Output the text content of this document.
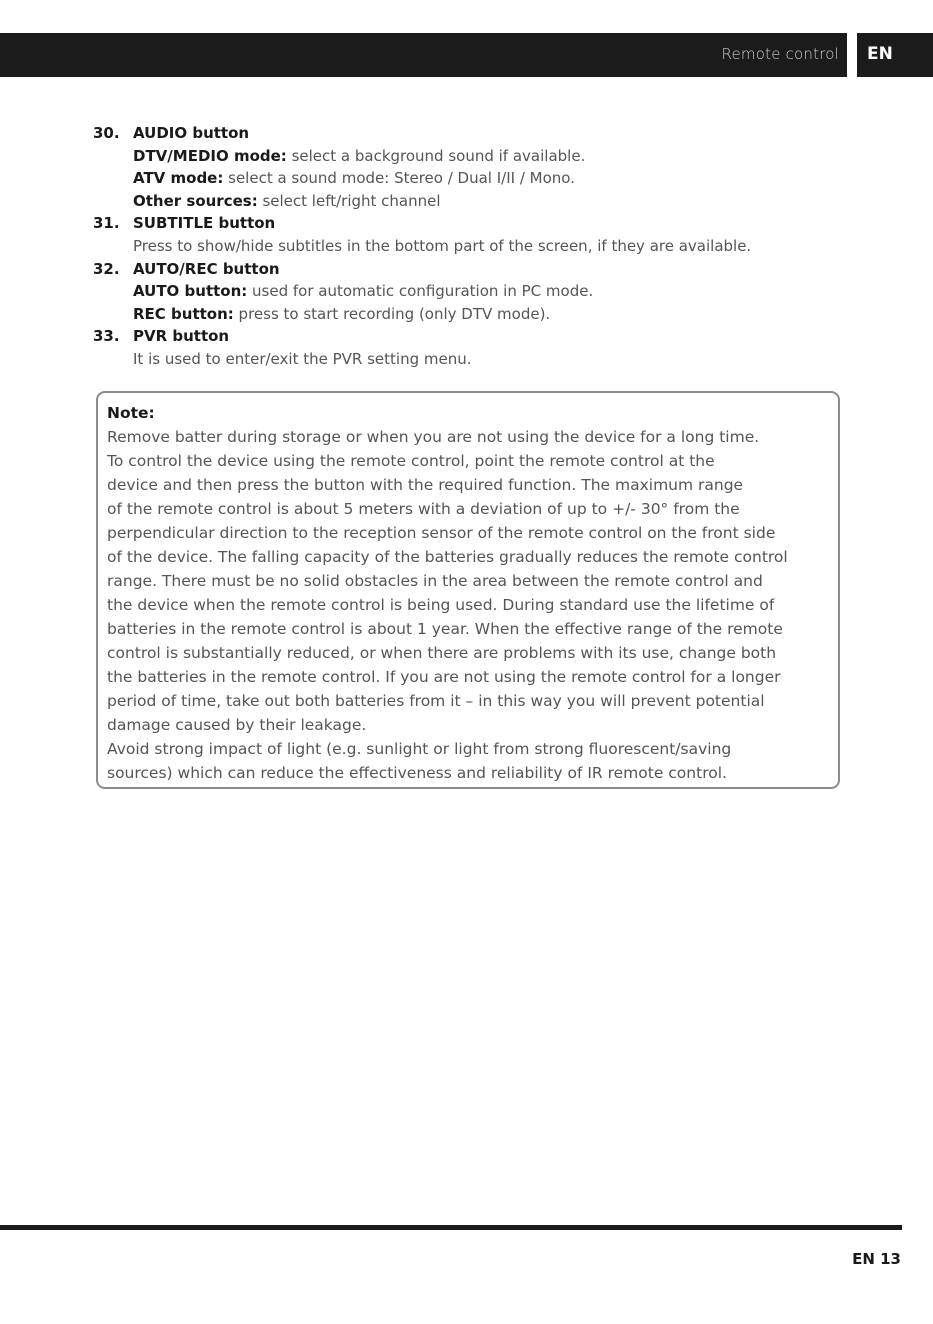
Remote control EN
30. AUDIO button
DTV/MEDIO mode: select a background sound if available.
ATV mode: select a sound mode: Stereo / Dual I/II / Mono.
Other sources: select left/right channel
31. SUBTITLE button
Press to show/hide subtitles in the bottom part of the screen, if they are available.
32. AUTO/REC button
AUTO button: used for automatic configuration in PC mode.
REC button: press to start recording (only DTV mode).
33. PVR button
It is used to enter/exit the PVR setting menu.
Note:
Remove batter during storage or when you are not using the device for a long time.
To control the device using the remote control, point the remote control at the
device and then press the button with the required function. The maximum range
of the remote control is about 5 meters with a deviation of up to +/- 30° from the
perpendicular direction to the reception sensor of the remote control on the front side
of the device. The falling capacity of the batteries gradually reduces the remote control
range. There must be no solid obstacles in the area between the remote control and
the device when the remote control is being used. During standard use the lifetime of
batteries in the remote control is about 1 year. When the effective range of the remote
control is substantially reduced, or when there are problems with its use, change both
the batteries in the remote control. If you are not using the remote control for a longer
period of time, take out both batteries from it – in this way you will prevent potential
damage caused by their leakage.
Avoid strong impact of light (e.g. sunlight or light from strong fluorescent/saving
sources) which can reduce the effectiveness and reliability of IR remote control.
EN 13
